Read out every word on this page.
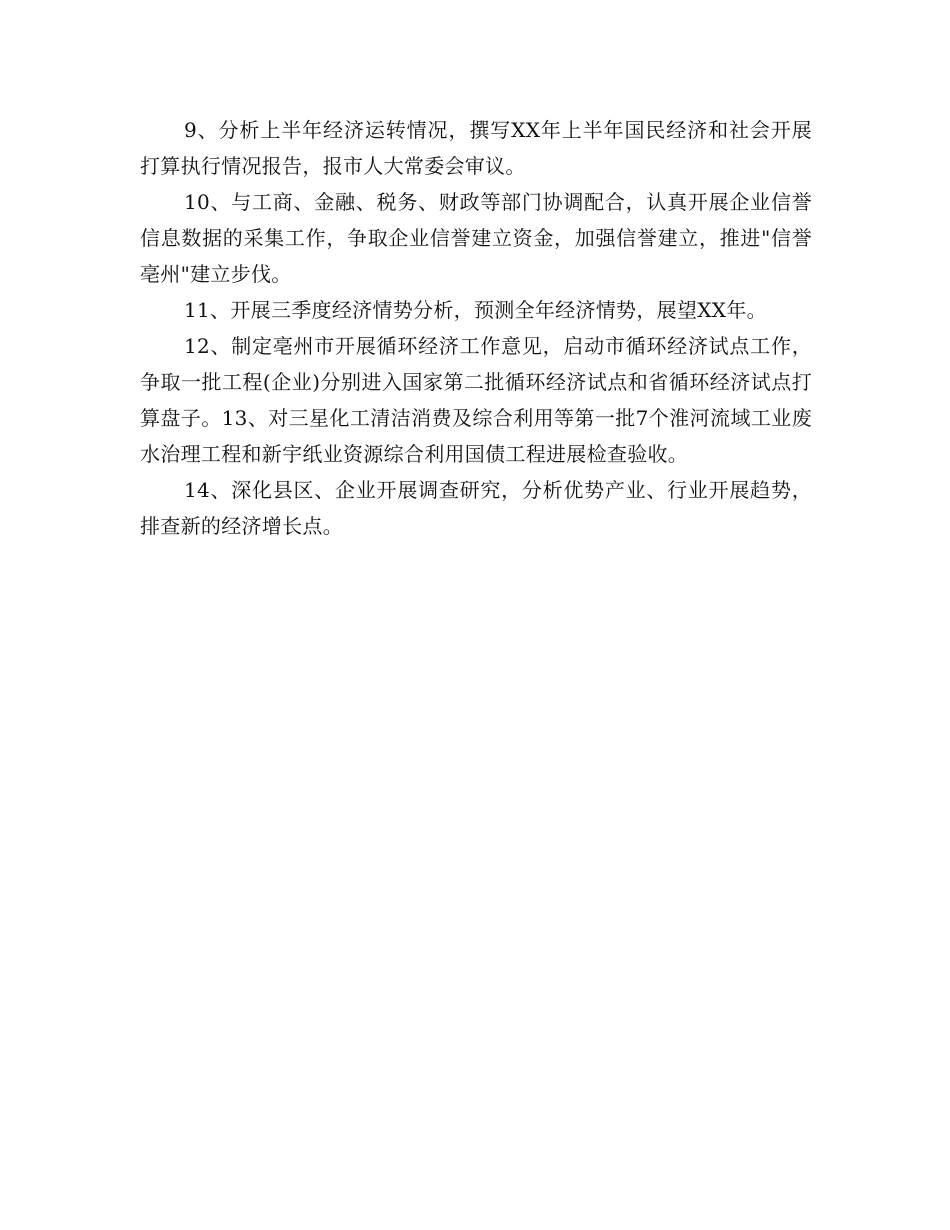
9、分析上半年经济运转情况，撰写XX年上半年国民经济和社会开展打算执行情况报告，报市人大常委会审议。

10、与工商、金融、税务、财政等部门协调配合，认真开展企业信誉信息数据的采集工作，争取企业信誉建立资金，加强信誉建立，推进"信誉亳州"建立步伐。

11、开展三季度经济情势分析，预测全年经济情势，展望XX年。

12、制定亳州市开展循环经济工作意见，启动市循环经济试点工作，争取一批工程(企业)分别进入国家第二批循环经济试点和省循环经济试点打算盘子。13、对三星化工清洁消费及综合利用等第一批7个淮河流域工业废水治理工程和新宇纸业资源综合利用国债工程进展检查验收。

14、深化县区、企业开展调查研究，分析优势产业、行业开展趋势，排查新的经济增长点。
